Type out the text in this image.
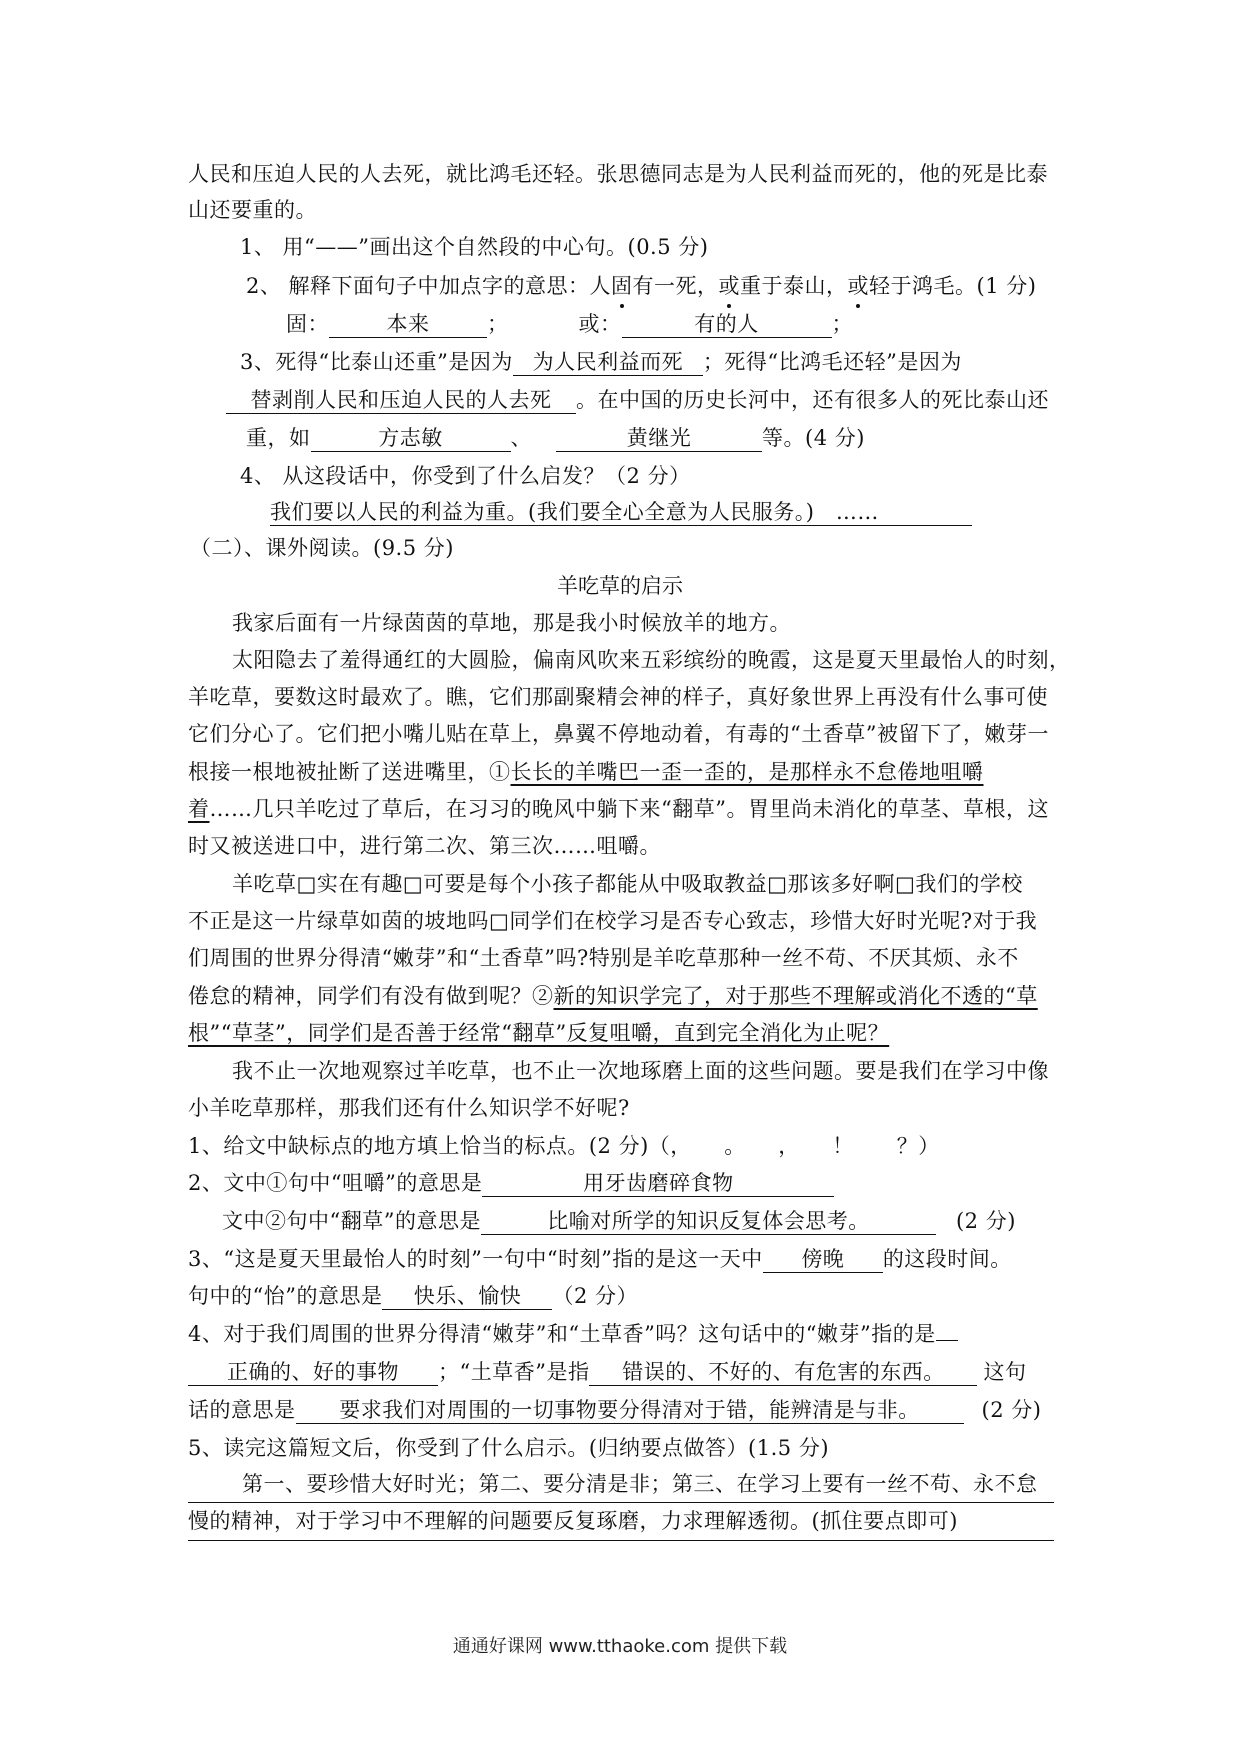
人民和压迫人民的人去死，就比鸿毛还轻。张思德同志是为人民利益而死的，他的死是比泰
山还要重的。
1、 用“——”画出这个自然段的中心句。(0.5 分)
2、 解释下面句子中加点字的意思：人固有一死，或重于泰山，或轻于鸿毛。(1 分)
固：	本来	；	或：	有的人	；
3、死得“比泰山还重”是因为 为人民利益而死 ；死得“比鸿毛还轻”是因为
替剥削人民和压迫人民的人去死 。在中国的历史长河中，还有很多人的死比泰山还
重，如	方志敏	、	黄继光	等。(4 分)
4、 从这段话中，你受到了什么启发？（2 分）
我们要以人民的利益为重。(我们要全心全意为人民服务。)　……
（二）、课外阅读。(9.5 分)
羊吃草的启示
我家后面有一片绿茵茵的草地，那是我小时候放羊的地方。
太阳隐去了羞得通红的大圆脸，偏南风吹来五彩缤纷的晚霞，这是夏天里最怡人的时刻，
羊吃草，要数这时最欢了。瞧，它们那副聚精会神的样子，真好象世界上再没有什么事可使
它们分心了。它们把小嘴儿贴在草上，鼻翼不停地动着，有毒的“土香草”被留下了，嫩芽一
根接一根地被扯断了送进嘴里，①长长的羊嘴巴一歪一歪的，是那样永不怠倦地咀嚼
着……几只羊吃过了草后，在习习的晚风中躺下来“翻草”。胃里尚未消化的草茎、草根，这
时又被送进口中，进行第二次、第三次……咀嚼。
羊吃草□实在有趣□可要是每个小孩子都能从中吸取教益□那该多好啊□我们的学校
不正是这一片绿草如茵的坡地吗□同学们在校学习是否专心致志，珍惜大好时光呢?对于我
们周围的世界分得清“嫩芽”和“土香草”吗?特别是羊吃草那种一丝不苟、不厌其烦、永不
倦怠的精神，同学们有没有做到呢？②新的知识学完了，对于那些不理解或消化不透的“草
根”“草茎”，同学们是否善于经常“翻草”反复咀嚼，直到完全消化为止呢？
我不止一次地观察过羊吃草，也不止一次地琢磨上面的这些问题。要是我们在学习中像
小羊吃草那样，那我们还有什么知识学不好呢?
1、给文中缺标点的地方填上恰当的标点。(2 分)（，　　。　　，　　！　　？）
2、文中①句中“咀嚼”的意思是	用牙齿磨碎食物
文中②句中“翻草”的意思是	比喻对所学的知识反复体会思考。	(2 分)
3、“这是夏天里最怡人的时刻”一句中“时刻”指的是这一天中 傍晚 的这段时间。
句中的“怡”的意思是 快乐、愉快 （2 分）
4、对于我们周围的世界分得清“嫩芽”和“土草香”吗？这句话中的“嫩芽”指的是
正确的、好的事物 ；“土草香”是指 错误的、不好的、有危害的东西。 这句
话的意思是 要求我们对周围的一切事物要分得清对于错，能辨清是与非。	(2 分)
5、读完这篇短文后，你受到了什么启示。(归纳要点做答）(1.5 分)
第一、要珍惜大好时光；第二、要分清是非；第三、在学习上要有一丝不苟、永不怠
慢的精神，对于学习中不理解的问题要反复琢磨，力求理解透彻。(抓住要点即可)
通通好课网 www.tthaoke.com 提供下载
